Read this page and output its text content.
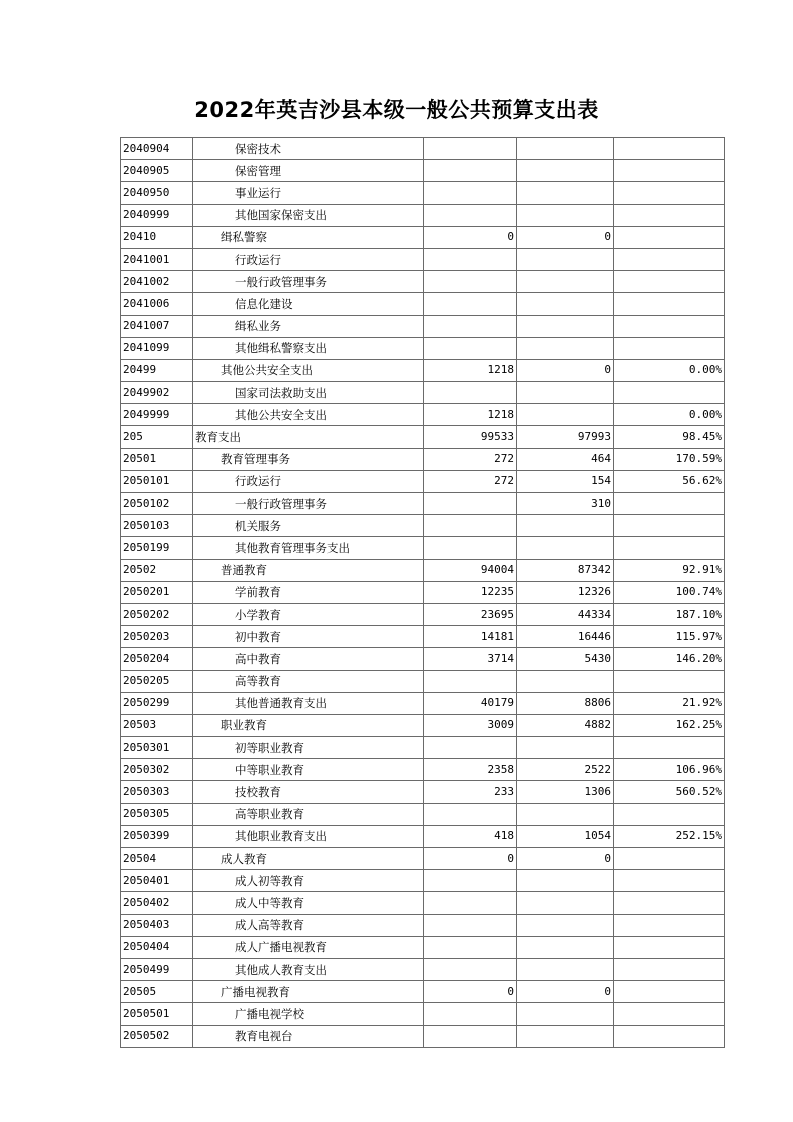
2022年英吉沙县本级一般公共预算支出表
2040904	保密技术			
2040905	保密管理			
2040950	事业运行			
2040999	其他国家保密支出			
20410	缉私警察	0	0	
2041001	行政运行			
2041002	一般行政管理事务			
2041006	信息化建设			
2041007	缉私业务			
2041099	其他缉私警察支出			
20499	其他公共安全支出	1218	0	0.00%
2049902	国家司法救助支出			
2049999	其他公共安全支出	1218		0.00%
205	教育支出	99533	97993	98.45%
20501	教育管理事务	272	464	170.59%
2050101	行政运行	272	154	56.62%
2050102	一般行政管理事务		310	
2050103	机关服务			
2050199	其他教育管理事务支出			
20502	普通教育	94004	87342	92.91%
2050201	学前教育	12235	12326	100.74%
2050202	小学教育	23695	44334	187.10%
2050203	初中教育	14181	16446	115.97%
2050204	高中教育	3714	5430	146.20%
2050205	高等教育			
2050299	其他普通教育支出	40179	8806	21.92%
20503	职业教育	3009	4882	162.25%
2050301	初等职业教育			
2050302	中等职业教育	2358	2522	106.96%
2050303	技校教育	233	1306	560.52%
2050305	高等职业教育			
2050399	其他职业教育支出	418	1054	252.15%
20504	成人教育	0	0	
2050401	成人初等教育			
2050402	成人中等教育			
2050403	成人高等教育			
2050404	成人广播电视教育			
2050499	其他成人教育支出			
20505	广播电视教育	0	0	
2050501	广播电视学校			
2050502	教育电视台			
